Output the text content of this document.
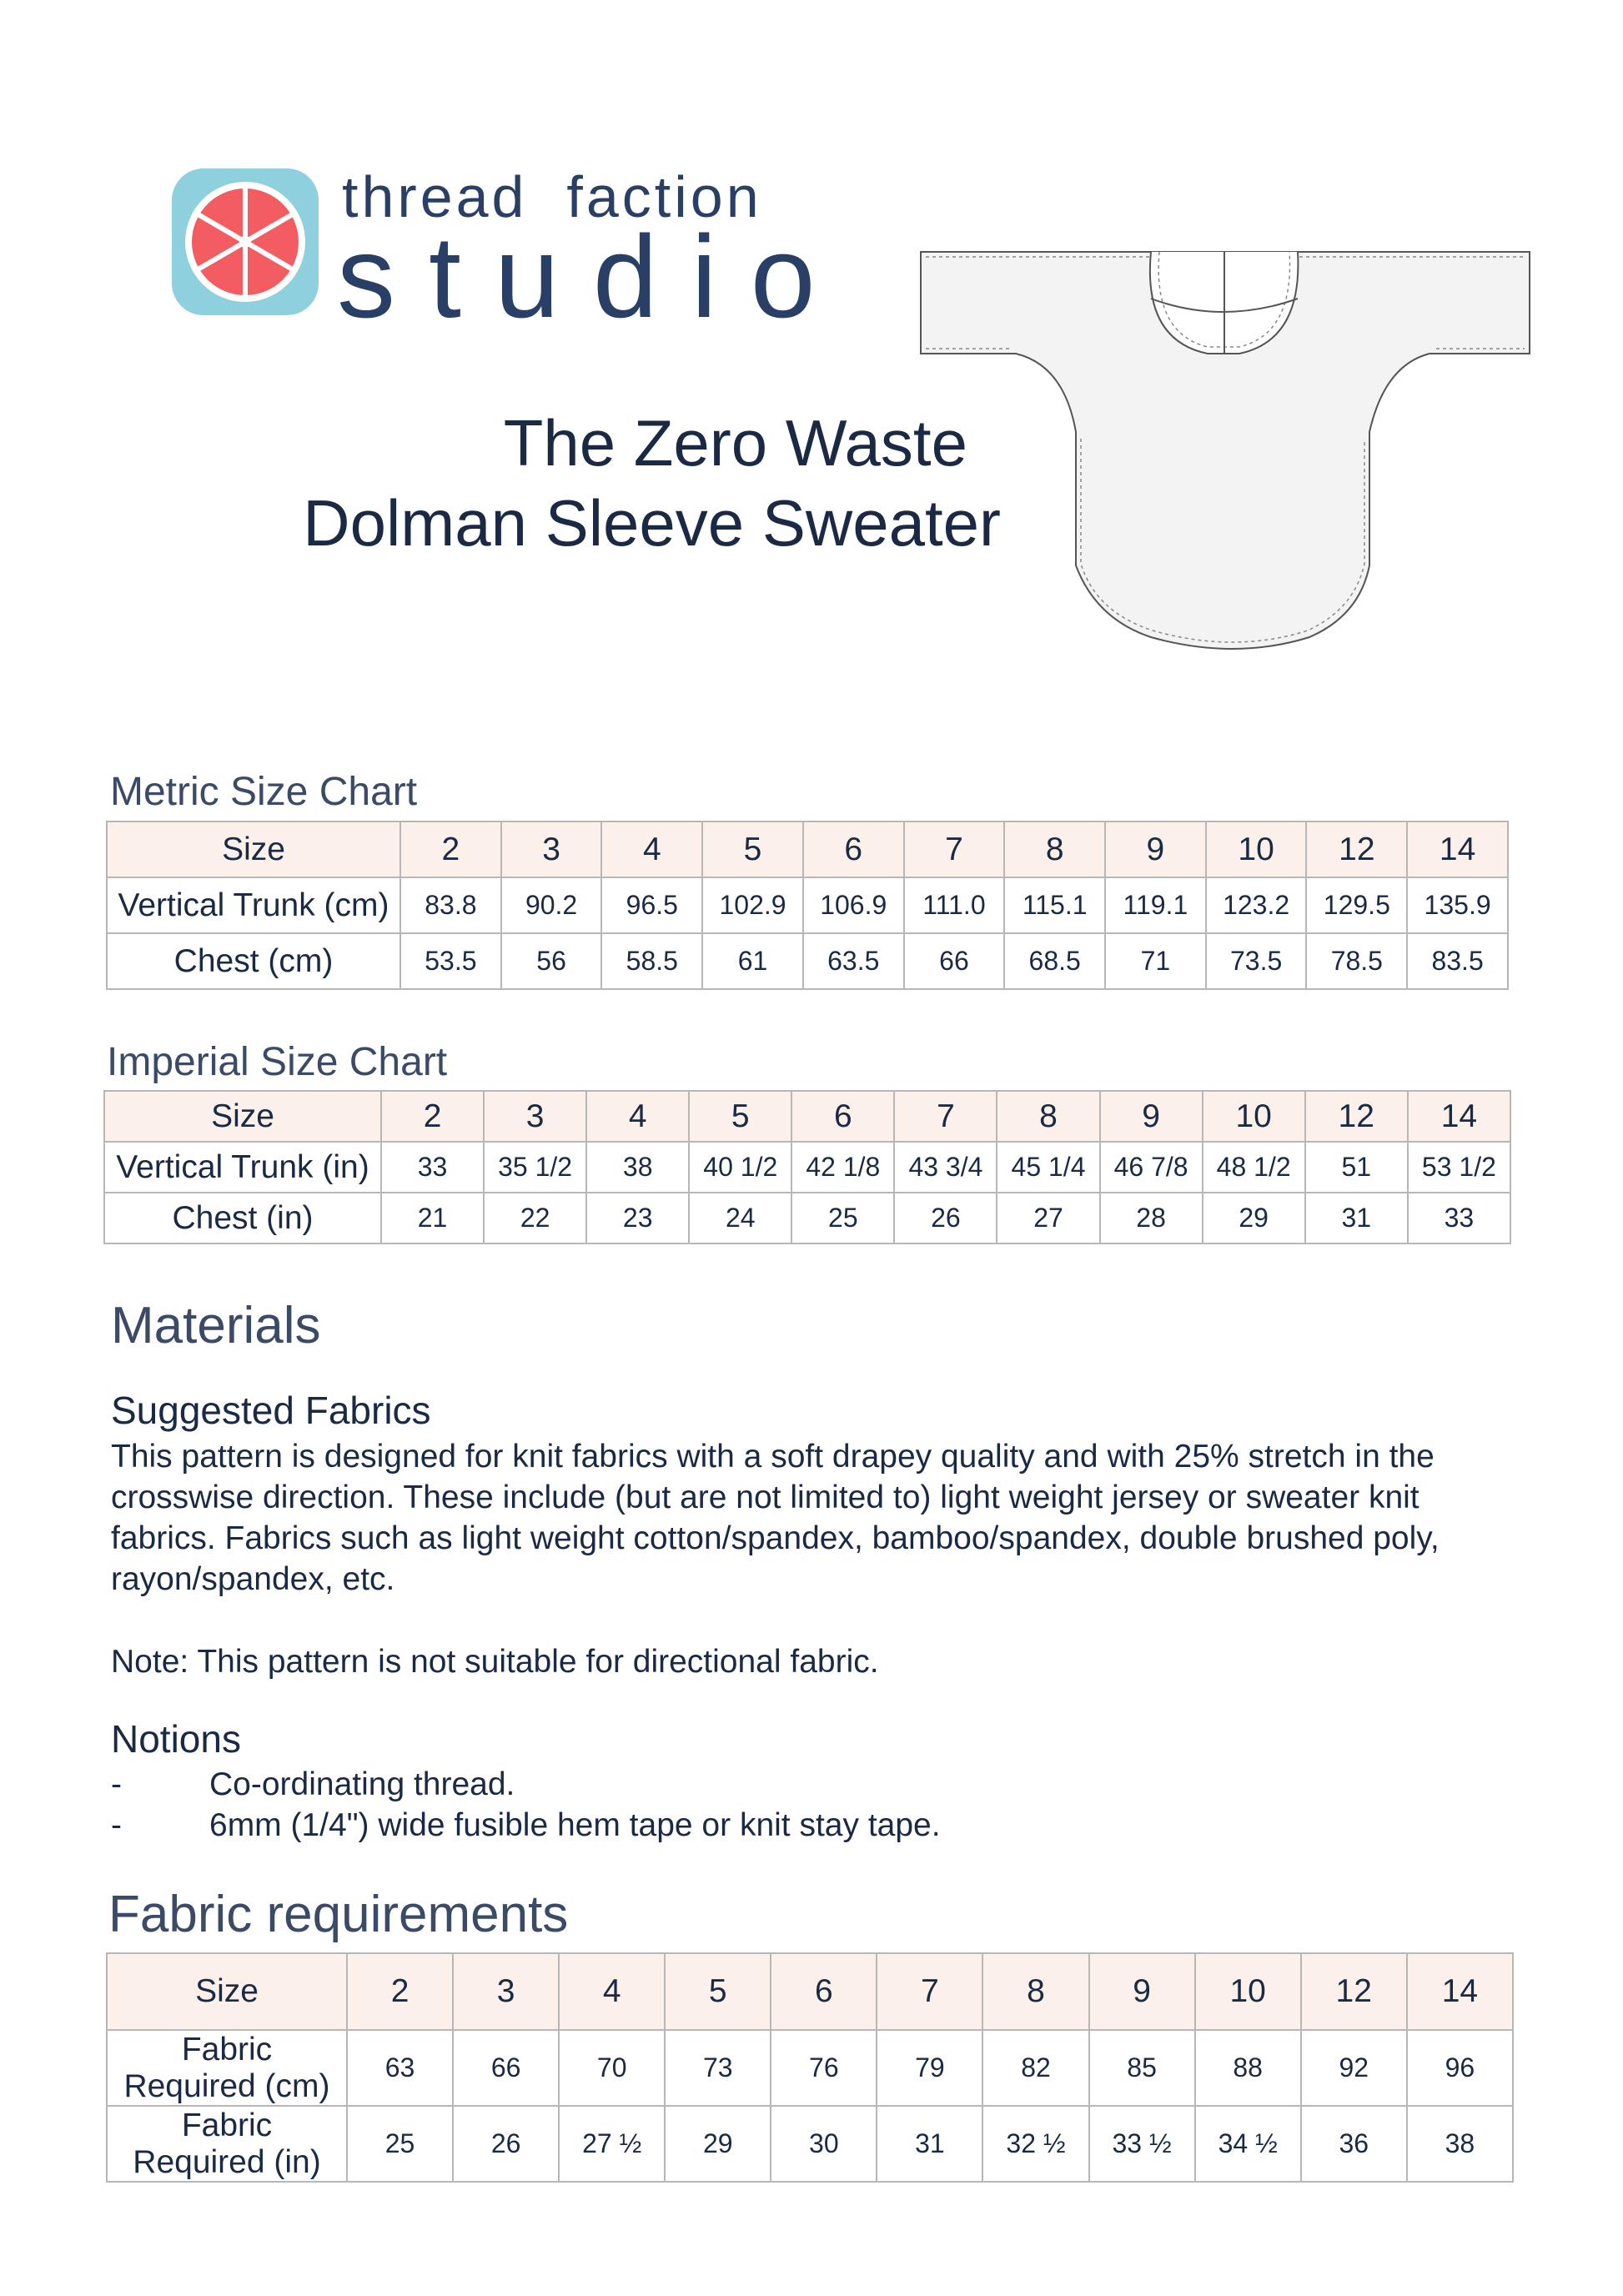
thread  faction
studio
The Zero Waste
Dolman Sleeve Sweater
Metric Size Chart
Size	2	3	4	5	6	7	8	9	10	12	14
Vertical Trunk (cm)	83.8	90.2	96.5	102.9	106.9	111.0	115.1	119.1	123.2	129.5	135.9
Chest (cm)	53.5	56	58.5	61	63.5	66	68.5	71	73.5	78.5	83.5
Imperial Size Chart
Size	2	3	4	5	6	7	8	9	10	12	14
Vertical Trunk (in)	33	35 1/2	38	40 1/2	42 1/8	43 3/4	45 1/4	46 7/8	48 1/2	51	53 1/2
Chest (in)	21	22	23	24	25	26	27	28	29	31	33
Materials
Suggested Fabrics
This pattern is designed for knit fabrics with a soft drapey quality and with 25% stretch in the
crosswise direction. These include (but are not limited to) light weight jersey or sweater knit
fabrics. Fabrics such as light weight cotton/spandex, bamboo/spandex, double brushed poly,
rayon/spandex, etc.
Note: This pattern is not suitable for directional fabric.
Notions
-	Co-ordinating thread.
-	6mm (1/4") wide fusible hem tape or knit stay tape.
Fabric requirements
Size	2	3	4	5	6	7	8	9	10	12	14

Fabric
Required (cm)	63	66	70	73	76	79	82	85	88	92	96

Fabric
Required (in)	25	26	27 ½	29	30	31	32 ½	33 ½	34 ½	36	38
